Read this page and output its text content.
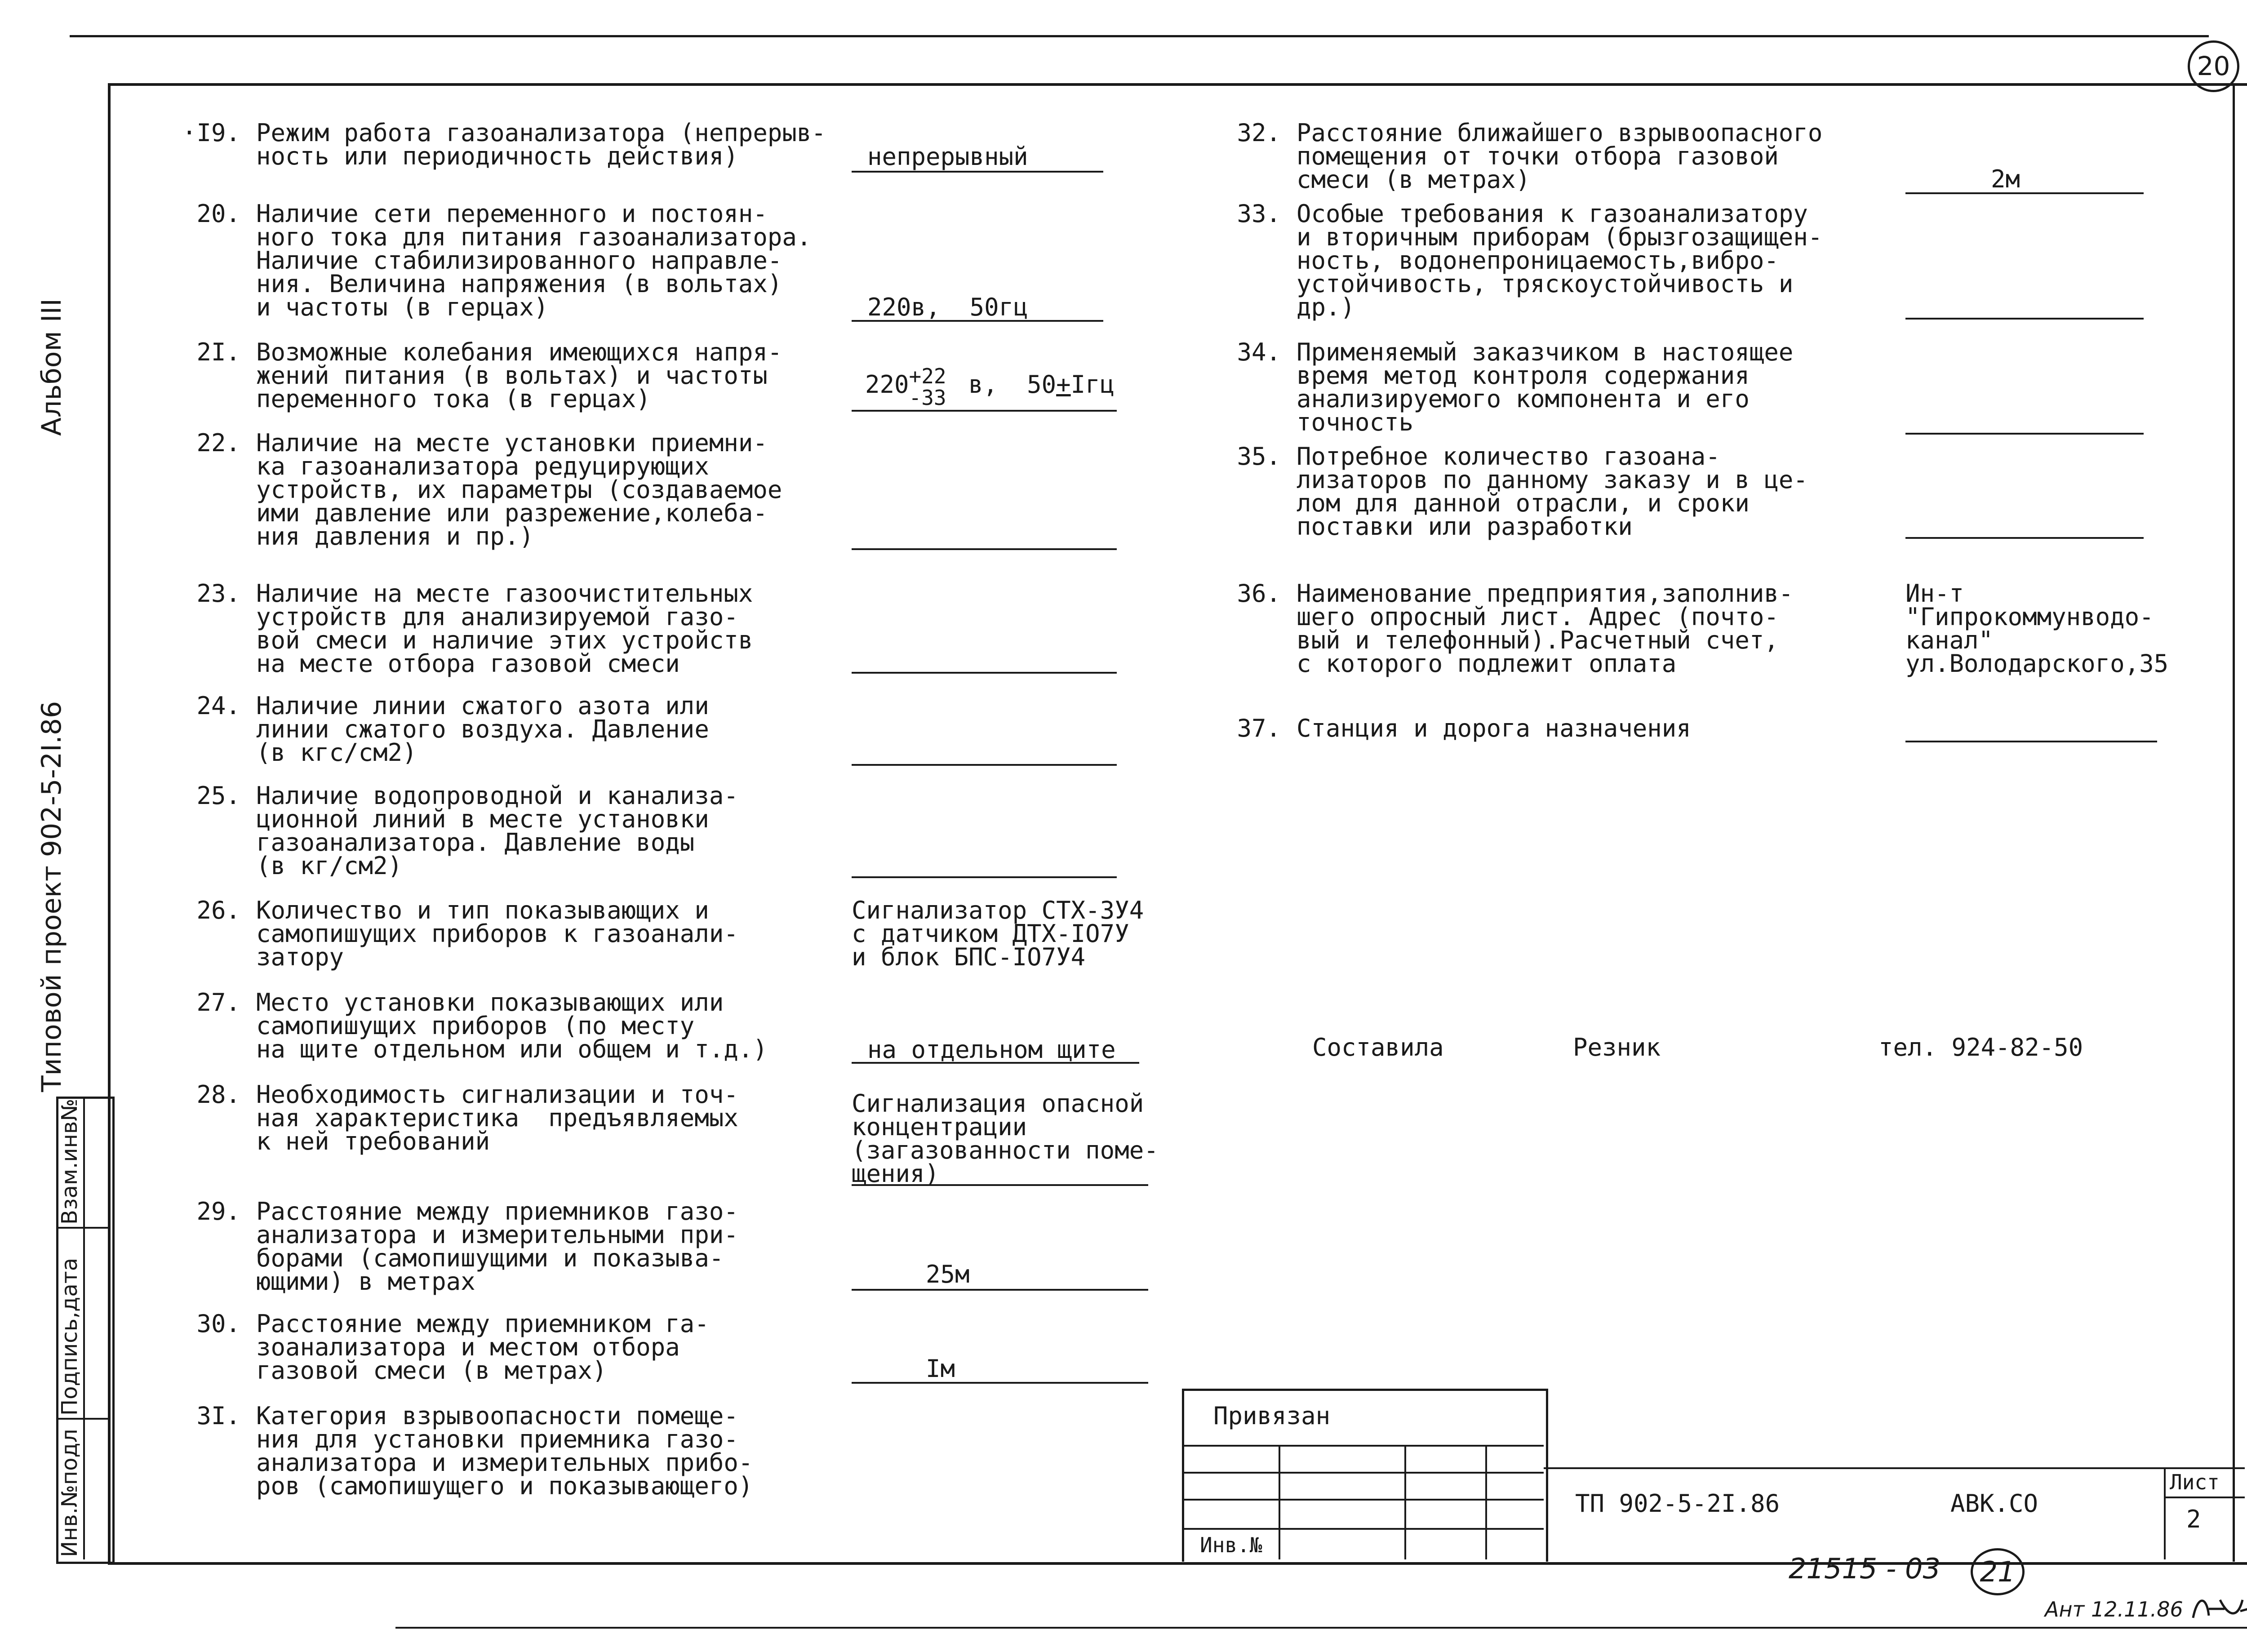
20
Альбом III
Типовой проект 902-5-2I.86
Инв.№подл
Подпись,дата
Взам.инв№
·I9. Режим работа газоанализатора (непрерыв-
ность или периодичность действия)	непрерывный
20. Наличие сети переменного и постоян-
ного тока для питания газоанализатора.
Наличие стабилизированного направле-
ния. Величина напряжения (в вольтах)
и частоты (в герцах)	220в,  50гц
2I. Возможные колебания имеющихся напря-
жений питания (в вольтах) и частоты
переменного тока (в герцах)
220 +22
-33 в,  50+Iгц
22. Наличие на месте установки приемни-
ка газоанализатора редуцирующих
устройств, их параметры (создаваемое
ими давление или разрежение,колеба-
ния давления и пр.)
23. Наличие на месте газоочистительных
устройств для анализируемой газо-
вой смеси и наличие этих устройств
на месте отбора газовой смеси
24. Наличие линии сжатого азота или
линии сжатого воздуха. Давление
(в кгс/см2)
25. Наличие водопроводной и канализа-
ционной линий в месте установки
газоанализатора. Давление воды
(в кг/см2)
26. Количество и тип показывающих и
самопишущих приборов к газоанали-
затору
Сигнализатор СТХ-3У4
с датчиком ДТХ-IО7У
и блок БПС-IО7У4
27. Место установки показывающих или
самопишущих приборов (по месту
на щите отдельном или общем и т.д.)	на отдельном щите
28. Необходимость сигнализации и точ-
ная характеристика  предъявляемых
к ней требований
Сигнализация опасной
концентрации
(загазованности поме-
щения)
29. Расстояние между приемников газо-
анализатора и измерительными при-
борами (самопишущими и показыва-
ющими) в метрах	25м
30. Расстояние между приемником га-
зоанализатора и местом отбора
газовой смеси (в метрах)	Iм
3I. Категория взрывоопасности помеще-
ния для установки приемника газо-
анализатора и измерительных прибо-
ров (самопишущего и показывающего)
32. Расстояние ближайшего взрывоопасного
помещения от точки отбора газовой
смеси (в метрах)	2м
33. Особые требования к газоанализатору
и вторичным приборам (брызгозащищен-
ность, водонепроницаемость,вибро-
устойчивость, тряскоустойчивость и
др.)
34. Применяемый заказчиком в настоящее
время метод контроля содержания
анализируемого компонента и его
точность
35. Потребное количество газоана-
лизаторов по данному заказу и в це-
лом для данной отрасли, и сроки
поставки или разработки
36. Наименование предприятия,заполнив-
шего опросный лист. Адрес (почто-
вый и телефонный).Расчетный счет,
с которого подлежит оплата
Ин-т
"Гипрокоммунводо-
канал"
ул.Володарского,35
37. Станция и дорога назначения
Составила	Резник	тел. 924-82-50
Привязан
Инв.№
ТП 902-5-2I.86	АВК.СО
Лист
2
21515 - 03	21
Ант 12.11.86
